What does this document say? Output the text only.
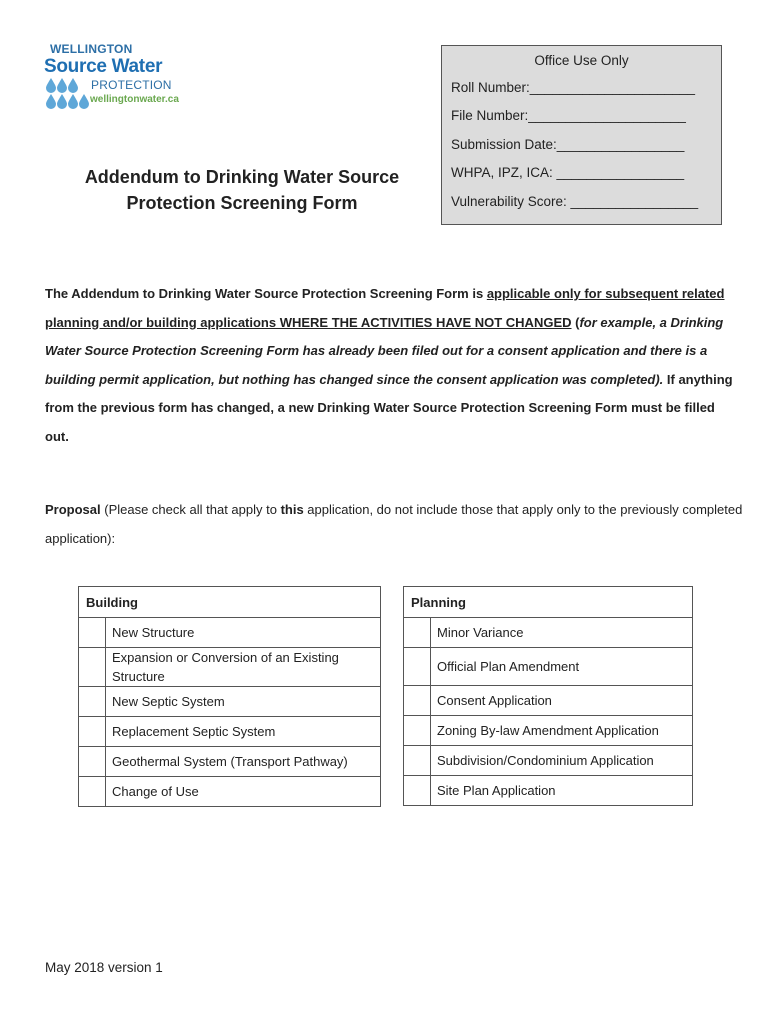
WELLINGTON
Source Water
PROTECTION
wellingtonwater.ca
Addendum to Drinking Water Source
Protection Screening Form
Office Use Only
Roll Number:______________________
File Number:_____________________
Submission Date:_________________
WHPA, IPZ, ICA: _________________
Vulnerability Score: _________________
The Addendum to Drinking Water Source Protection Screening Form is applicable only for subsequent related planning and/or building applications WHERE THE ACTIVITIES HAVE NOT CHANGED (for example, a Drinking Water Source Protection Screening Form has already been filed out for a consent application and there is a building permit application, but nothing has changed since the consent application was completed). If anything from the previous form has changed, a new Drinking Water Source Protection Screening Form must be filled out.
Proposal (Please check all that apply to this application, do not include those that apply only to the previously completed application):
Building	
	New Structure
	Expansion or Conversion of an Existing Structure
	New Septic System
	Replacement Septic System
	Geothermal System (Transport Pathway)
	Change of Use
Planning	
	Minor Variance
	Official Plan Amendment
	Consent Application
	Zoning By-law Amendment Application
	Subdivision/Condominium Application
	Site Plan Application
May 2018 version 1
